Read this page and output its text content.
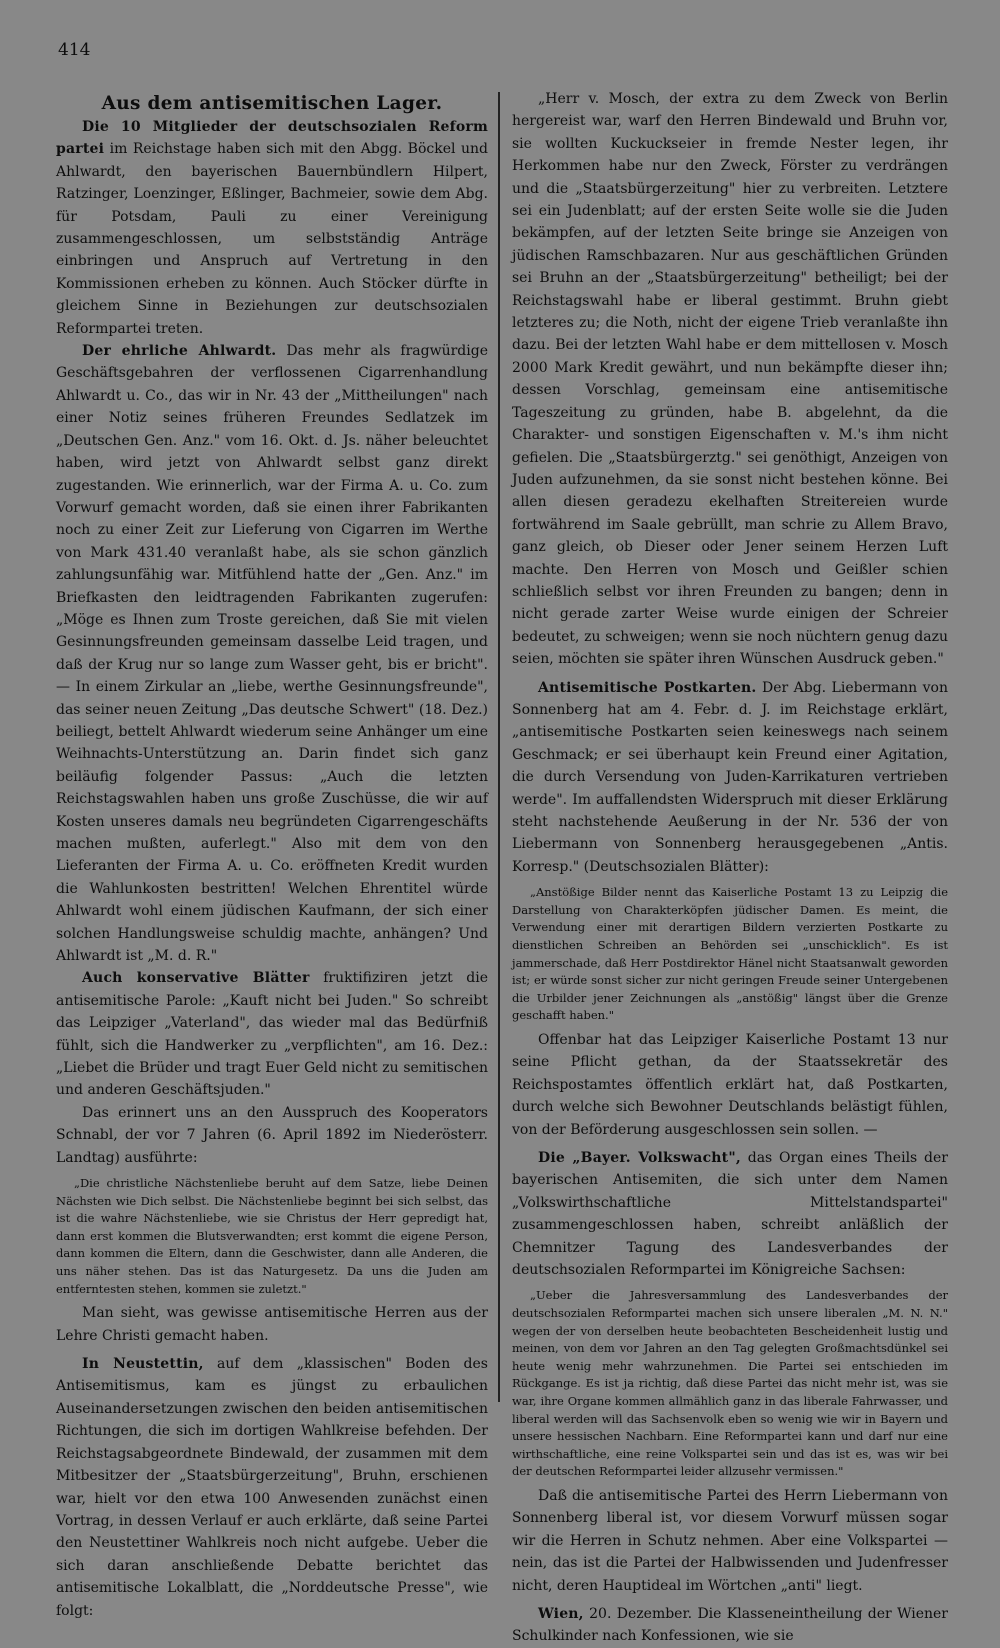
414
Aus dem antisemitischen Lager.

Die 10 Mitglieder der deutschsozialen Reform partei im Reichstage haben sich mit den Abgg. Böckel und Ahlwardt, den bayerischen Bauernbündlern Hilpert, Ratzinger, Loenzinger, Eßlinger, Bachmeier, sowie dem Abg. für Potsdam, Pauli zu einer Vereinigung zusammengeschlossen, um selbstständig Anträge einbringen und Anspruch auf Vertretung in den Kommissionen erheben zu können. Auch Stöcker dürfte in gleichem Sinne in Beziehungen zur deutschsozialen Reformpartei treten.

Der ehrliche Ahlwardt. Das mehr als fragwürdige Geschäftsgebahren der verflossenen Cigarrenhandlung Ahlwardt u. Co., das wir in Nr. 43 der „Mittheilungen" nach einer Notiz seines früheren Freundes Sedlatzek im „Deutschen Gen. Anz." vom 16. Okt. d. Js. näher beleuchtet haben, wird jetzt von Ahlwardt selbst ganz direkt zugestanden. Wie erinnerlich, war der Firma A. u. Co. zum Vorwurf gemacht worden, daß sie einen ihrer Fabrikanten noch zu einer Zeit zur Lieferung von Cigarren im Werthe von Mark 431.40 veranlaßt habe, als sie schon gänzlich zahlungsunfähig war. Mitfühlend hatte der „Gen. Anz." im Briefkasten den leidtragenden Fabrikanten zugerufen: „Möge es Ihnen zum Troste gereichen, daß Sie mit vielen Gesinnungsfreunden gemeinsam dasselbe Leid tragen, und daß der Krug nur so lange zum Wasser geht, bis er bricht". — In einem Zirkular an „liebe, werthe Gesinnungsfreunde", das seiner neuen Zeitung „Das deutsche Schwert" (18. Dez.) beiliegt, bettelt Ahlwardt wiederum seine Anhänger um eine Weihnachts-Unterstützung an. Darin findet sich ganz beiläufig folgender Passus: „Auch die letzten Reichstagswahlen haben uns große Zuschüsse, die wir auf Kosten unseres damals neu begründeten Cigarrengeschäfts machen mußten, auferlegt." Also mit dem von den Lieferanten der Firma A. u. Co. eröffneten Kredit wurden die Wahlunkosten bestritten! Welchen Ehrentitel würde Ahlwardt wohl einem jüdischen Kaufmann, der sich einer solchen Handlungsweise schuldig machte, anhängen? Und Ahlwardt ist „M. d. R."

Auch konservative Blätter fruktifiziren jetzt die antisemitische Parole: „Kauft nicht bei Juden." So schreibt das Leipziger „Vaterland", das wieder mal das Bedürfniß fühlt, sich die Handwerker zu „verpflichten", am 16. Dez.: „Liebet die Brüder und tragt Euer Geld nicht zu semitischen und anderen Geschäftsjuden."

Das erinnert uns an den Ausspruch des Kooperators Schnabl, der vor 7 Jahren (6. April 1892 im Niederösterr. Landtag) ausführte:

„Die christliche Nächstenliebe beruht auf dem Satze, liebe Deinen Nächsten wie Dich selbst. Die Nächstenliebe beginnt bei sich selbst, das ist die wahre Nächstenliebe, wie sie Christus der Herr gepredigt hat, dann erst kommen die Blutsverwandten; erst kommt die eigene Person, dann kommen die Eltern, dann die Geschwister, dann alle Anderen, die uns näher stehen. Das ist das Naturgesetz. Da uns die Juden am entferntesten stehen, kommen sie zuletzt."

Man sieht, was gewisse antisemitische Herren aus der Lehre Christi gemacht haben.

In Neustettin, auf dem „klassischen" Boden des Antisemitismus, kam es jüngst zu erbaulichen Auseinandersetzungen zwischen den beiden antisemitischen Richtungen, die sich im dortigen Wahlkreise befehden. Der Reichstagsabgeordnete Bindewald, der zusammen mit dem Mitbesitzer der „Staatsbürgerzeitung", Bruhn, erschienen war, hielt vor den etwa 100 Anwesenden zunächst einen Vortrag, in dessen Verlauf er auch erklärte, daß seine Partei den Neustettiner Wahlkreis noch nicht aufgebe. Ueber die sich daran anschließende Debatte berichtet das antisemitische Lokalblatt, die „Norddeutsche Presse", wie folgt:

„Herr v. Mosch, der extra zu dem Zweck von Berlin hergereist war, warf den Herren Bindewald und Bruhn vor, sie wollten Kuckuckseier in fremde Nester legen, ihr Herkommen habe nur den Zweck, Förster zu verdrängen und die „Staatsbürgerzeitung" hier zu verbreiten. Letztere sei ein Judenblatt; auf der ersten Seite wolle sie die Juden bekämpfen, auf der letzten Seite bringe sie Anzeigen von jüdischen Ramschbazaren. Nur aus geschäftlichen Gründen sei Bruhn an der „Staatsbürgerzeitung" betheiligt; bei der Reichstagswahl habe er liberal gestimmt. Bruhn giebt letzteres zu; die Noth, nicht der eigene Trieb veranlaßte ihn dazu. Bei der letzten Wahl habe er dem mittellosen v. Mosch 2000 Mark Kredit gewährt, und nun bekämpfte dieser ihn; dessen Vorschlag, gemeinsam eine antisemitische Tageszeitung zu gründen, habe B. abgelehnt, da die Charakter- und sonstigen Eigenschaften v. M.'s ihm nicht gefielen. Die „Staatsbürgerztg." sei genöthigt, Anzeigen von Juden aufzunehmen, da sie sonst nicht bestehen könne. Bei allen diesen geradezu ekelhaften Streitereien wurde fortwährend im Saale gebrüllt, man schrie zu Allem Bravo, ganz gleich, ob Dieser oder Jener seinem Herzen Luft machte. Den Herren von Mosch und Geißler schien schließlich selbst vor ihren Freunden zu bangen; denn in nicht gerade zarter Weise wurde einigen der Schreier bedeutet, zu schweigen; wenn sie noch nüchtern genug dazu seien, möchten sie später ihren Wünschen Ausdruck geben."

Antisemitische Postkarten. Der Abg. Liebermann von Sonnenberg hat am 4. Febr. d. J. im Reichstage erklärt, „antisemitische Postkarten seien keineswegs nach seinem Geschmack; er sei überhaupt kein Freund einer Agitation, die durch Versendung von Juden-Karrikaturen vertrieben werde". Im auffallendsten Widerspruch mit dieser Erklärung steht nachstehende Aeußerung in der Nr. 536 der von Liebermann von Sonnenberg herausgegebenen „Antis. Korresp." (Deutschsozialen Blätter):

„Anstößige Bilder nennt das Kaiserliche Postamt 13 zu Leipzig die Darstellung von Charakterköpfen jüdischer Damen. Es meint, die Verwendung einer mit derartigen Bildern verzierten Postkarte zu dienstlichen Schreiben an Behörden sei „unschicklich". Es ist jammerschade, daß Herr Postdirektor Hänel nicht Staatsanwalt geworden ist; er würde sonst sicher zur nicht geringen Freude seiner Untergebenen die Urbilder jener Zeichnungen als „anstößig" längst über die Grenze geschafft haben."

Offenbar hat das Leipziger Kaiserliche Postamt 13 nur seine Pflicht gethan, da der Staatssekretär des Reichspostamtes öffentlich erklärt hat, daß Postkarten, durch welche sich Bewohner Deutschlands belästigt fühlen, von der Beförderung ausgeschlossen sein sollen. —

Die „Bayer. Volkswacht", das Organ eines Theils der bayerischen Antisemiten, die sich unter dem Namen „Volkswirthschaftliche Mittelstandspartei" zusammengeschlossen haben, schreibt anläßlich der Chemnitzer Tagung des Landesverbandes der deutschsozialen Reformpartei im Königreiche Sachsen:

„Ueber die Jahresversammlung des Landesverbandes der deutschsozialen Reformpartei machen sich unsere liberalen „M. N. N." wegen der von derselben heute beobachteten Bescheidenheit lustig und meinen, von dem vor Jahren an den Tag gelegten Großmachtsdünkel sei heute wenig mehr wahrzunehmen. Die Partei sei entschieden im Rückgange. Es ist ja richtig, daß diese Partei das nicht mehr ist, was sie war, ihre Organe kommen allmählich ganz in das liberale Fahrwasser, und liberal werden will das Sachsenvolk eben so wenig wie wir in Bayern und unsere hessischen Nachbarn. Eine Reformpartei kann und darf nur eine wirthschaftliche, eine reine Volkspartei sein und das ist es, was wir bei der deutschen Reformpartei leider allzusehr vermissen."

Daß die antisemitische Partei des Herrn Liebermann von Sonnenberg liberal ist, vor diesem Vorwurf müssen sogar wir die Herren in Schutz nehmen. Aber eine Volkspartei — nein, das ist die Partei der Halbwissenden und Judenfresser nicht, deren Hauptideal im Wörtchen „anti" liegt.

Wien, 20. Dezember. Die Klasseneintheilung der Wiener Schulkinder nach Konfessionen, wie sie
